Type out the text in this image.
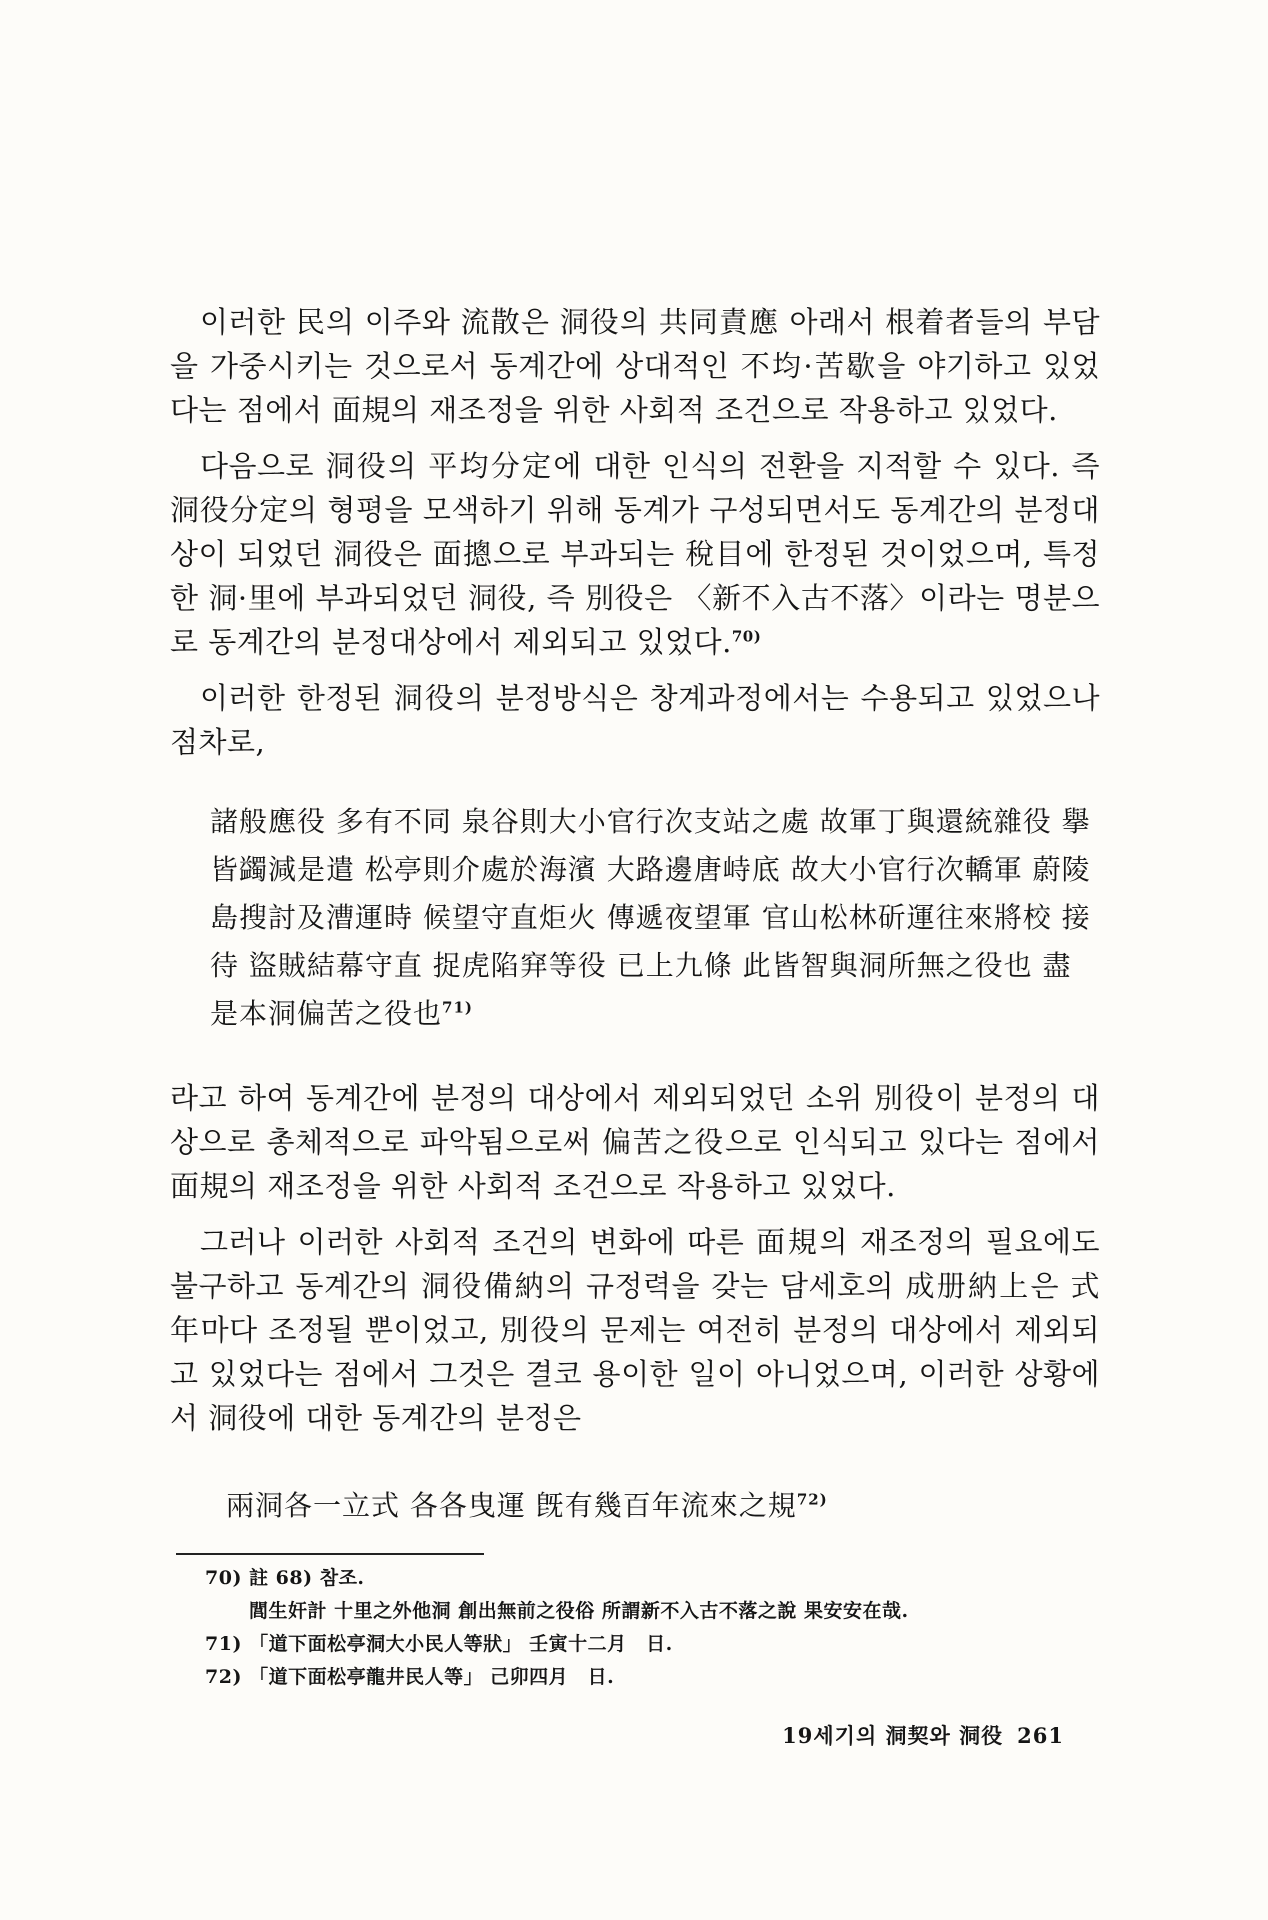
이러한 民의 이주와 流散은 洞役의 共同責應 아래서 根着者들의 부담을 가중시키는 것으로서 동계간에 상대적인 不均·苦歇을 야기하고 있었다는 점에서 面規의 재조정을 위한 사회적 조건으로 작용하고 있었다.

다음으로 洞役의 平均分定에 대한 인식의 전환을 지적할 수 있다. 즉 洞役分定의 형평을 모색하기 위해 동계가 구성되면서도 동계간의 분정대상이 되었던 洞役은 面摠으로 부과되는 稅目에 한정된 것이었으며, 특정한 洞·里에 부과되었던 洞役, 즉 別役은 〈新不入古不落〉이라는 명분으로 동계간의 분정대상에서 제외되고 있었다.$^{70)}$

이러한 한정된 洞役의 분정방식은 창계과정에서는 수용되고 있었으나 점차로,

諸般應役 多有不同 泉谷則大小官行次支站之處 故軍丁與還統雜役 擧皆蠲減是遣 松亭則介處於海濱 大路邊唐峙底 故大小官行次轎軍 蔚陵島搜討及漕運時 候望守直炬火 傳遞夜望軍 官山松林斫運往來將校 接待 盜賊結幕守直 捉虎陷穽等役 已上九條 此皆智與洞所無之役也 盡是本洞偏苦之役也$^{71)}$

라고 하여 동계간에 분정의 대상에서 제외되었던 소위 別役이 분정의 대상으로 총체적으로 파악됨으로써 偏苦之役으로 인식되고 있다는 점에서 面規의 재조정을 위한 사회적 조건으로 작용하고 있었다.

그러나 이러한 사회적 조건의 변화에 따른 面規의 재조정의 필요에도 불구하고 동계간의 洞役備納의 규정력을 갖는 담세호의 成册納上은 式年마다 조정될 뿐이었고, 別役의 문제는 여전히 분정의 대상에서 제외되고 있었다는 점에서 그것은 결코 용이한 일이 아니었으며, 이러한 상황에서 洞役에 대한 동계간의 분정은

兩洞各一立式 各各曳運 旣有幾百年流來之規$^{72)}$

70) 註 68) 참조.

閭生奸計 十里之外他洞 創出無前之役俗 所謂新不入古不落之說 果安安在哉.

71) 「道下面松亭洞大小民人等狀」 壬寅十二月　日.

72) 「道下面松亭龍井民人等」 己卯四月　日.

19세기의 洞契와 洞役 261
